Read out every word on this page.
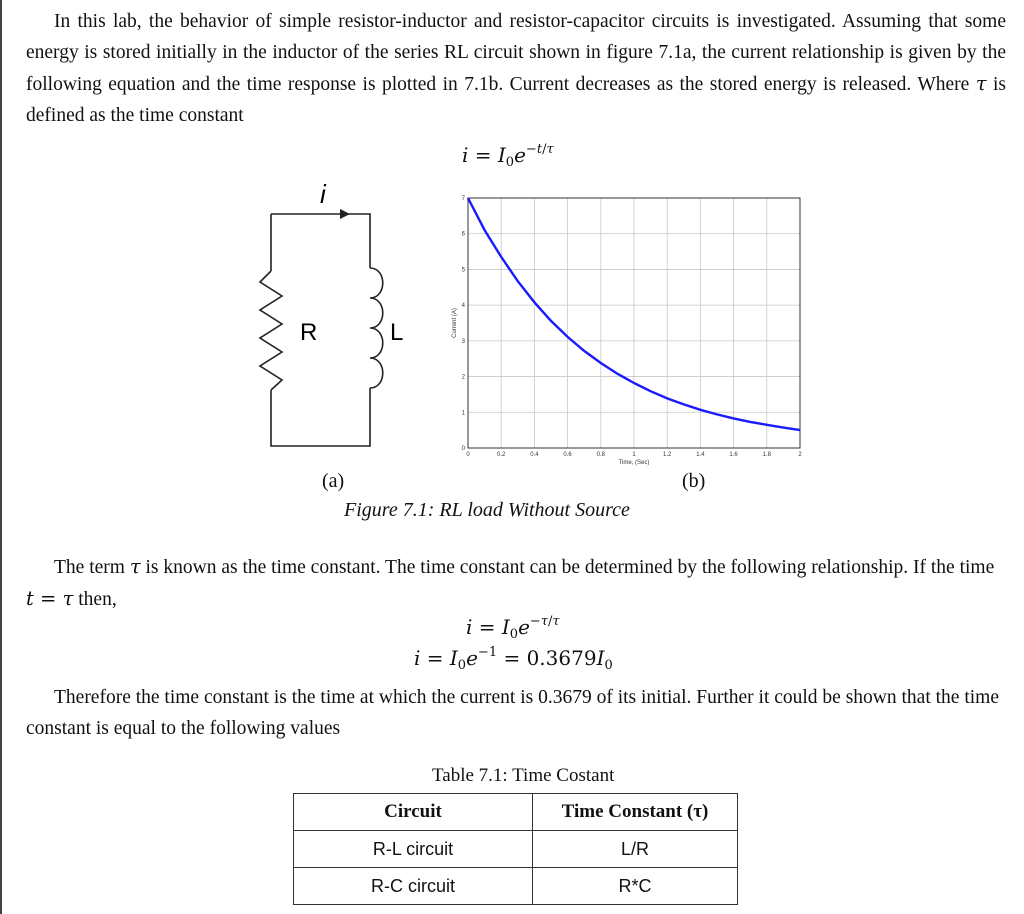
In this lab, the behavior of simple resistor-inductor and resistor-capacitor circuits is investigated. Assuming that some energy is stored initially in the inductor of the series RL circuit shown in figure 7.1a, the current relationship is given by the following equation and the time response is plotted in 7.1b. Current decreases as the stored energy is released. Where τ is defined as the time constant
$i = I_0e^{-t/\tau}$
i
R	L
0	0.2	0.4	0.6	0.8	1	1.2	1.4	1.6	1.8	2
0
1
2
3
4
5
6
7
Time, (Sec)
Current (A)
(a)	(b)
Figure 7.1: RL load Without Source
The term τ is known as the time constant. The time constant can be determined by the following relationship. If the time t = τ then,
$i = I_0e^{-\tau/\tau}$
$i = I_0e^{-1} = 0.3679I_0$
Therefore the time constant is the time at which the current is 0.3679 of its initial. Further it could be shown that the time constant is equal to the following values
Table 7.1: Time Costant
Circuit	Time Constant (τ)
R-L circuit	L/R
R-C circuit	R*C
